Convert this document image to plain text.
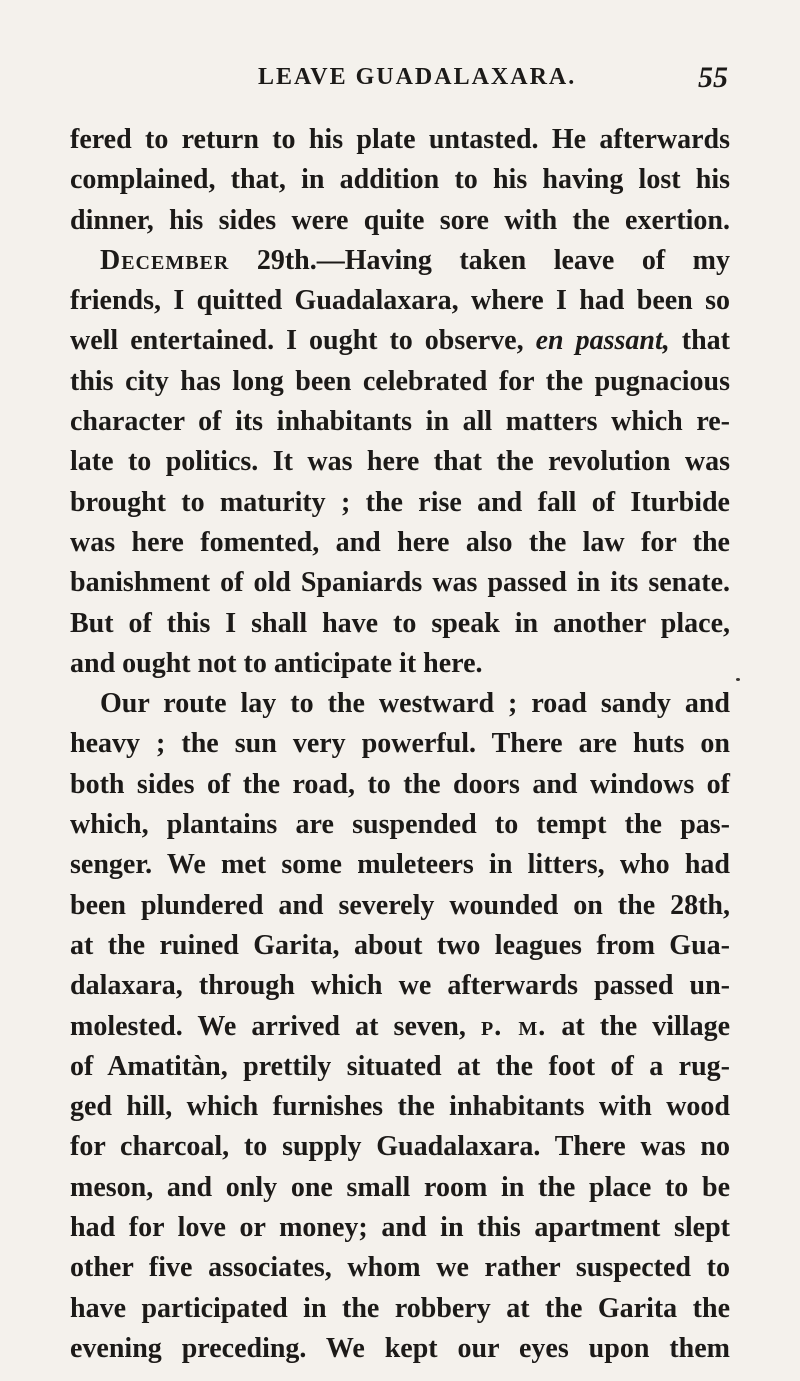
LEAVE GUADALAXARA.	55
fered to return to his plate untasted. He afterwards
complained, that, in addition to his having lost his
dinner, his sides were quite sore with the exertion.
December 29th.—Having taken leave of my
friends, I quitted Guadalaxara, where I had been so
well entertained. I ought to observe, en passant, that
this city has long been celebrated for the pugnacious
character of its inhabitants in all matters which re-
late to politics. It was here that the revolution was
brought to maturity ; the rise and fall of Iturbide
was here fomented, and here also the law for the
banishment of old Spaniards was passed in its senate.
But of this I shall have to speak in another place,
and ought not to anticipate it here.
Our route lay to the westward ; road sandy and
heavy ; the sun very powerful. There are huts on
both sides of the road, to the doors and windows of
which, plantains are suspended to tempt the pas-
senger. We met some muleteers in litters, who had
been plundered and severely wounded on the 28th,
at the ruined Garita, about two leagues from Gua-
dalaxara, through which we afterwards passed un-
molested. We arrived at seven, p. m. at the village
of Amatitàn, prettily situated at the foot of a rug-
ged hill, which furnishes the inhabitants with wood
for charcoal, to supply Guadalaxara. There was no
meson, and only one small room in the place to be
had for love or money; and in this apartment slept
other five associates, whom we rather suspected to
have participated in the robbery at the Garita the
evening preceding. We kept our eyes upon them
